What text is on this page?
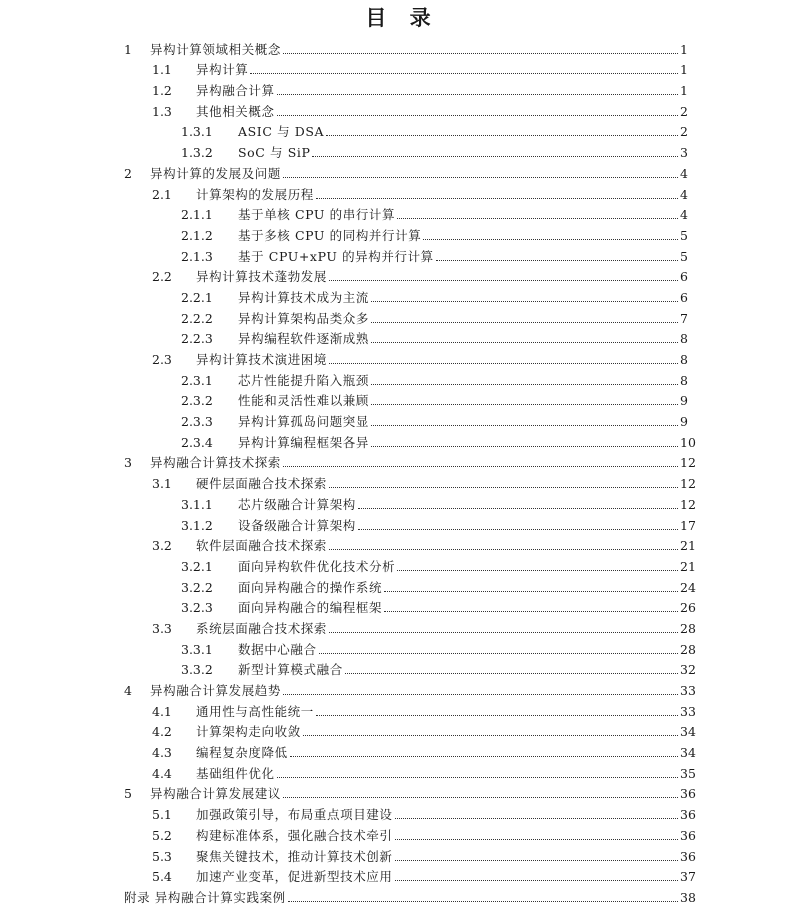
目 录
1 异构计算领域相关概念	1
1.1 异构计算	1
1.2 异构融合计算	1
1.3 其他相关概念	2
1.3.1 ASIC 与 DSA	2
1.3.2 SoC 与 SiP	3
2 异构计算的发展及问题	4
2.1 计算架构的发展历程	4
2.1.1 基于单核 CPU 的串行计算	4
2.1.2 基于多核 CPU 的同构并行计算	5
2.1.3 基于 CPU+xPU 的异构并行计算	5
2.2 异构计算技术蓬勃发展	6
2.2.1 异构计算技术成为主流	6
2.2.2 异构计算架构品类众多	7
2.2.3 异构编程软件逐渐成熟	8
2.3 异构计算技术演进困境	8
2.3.1 芯片性能提升陷入瓶颈	8
2.3.2 性能和灵活性难以兼顾	9
2.3.3 异构计算孤岛问题突显	9
2.3.4 异构计算编程框架各异	10
3 异构融合计算技术探索	12
3.1 硬件层面融合技术探索	12
3.1.1 芯片级融合计算架构	12
3.1.2 设备级融合计算架构	17
3.2 软件层面融合技术探索	21
3.2.1 面向异构软件优化技术分析	21
3.2.2 面向异构融合的操作系统	24
3.2.3 面向异构融合的编程框架	26
3.3 系统层面融合技术探索	28
3.3.1 数据中心融合	28
3.3.2 新型计算模式融合	32
4 异构融合计算发展趋势	33
4.1 通用性与高性能统一	33
4.2 计算架构走向收敛	34
4.3 编程复杂度降低	34
4.4 基础组件优化	35
5 异构融合计算发展建议	36
5.1 加强政策引导，布局重点项目建设	36
5.2 构建标准体系，强化融合技术牵引	36
5.3 聚焦关键技术，推动计算技术创新	36
5.4 加速产业变革，促进新型技术应用	37
附录 异构融合计算实践案例	38
